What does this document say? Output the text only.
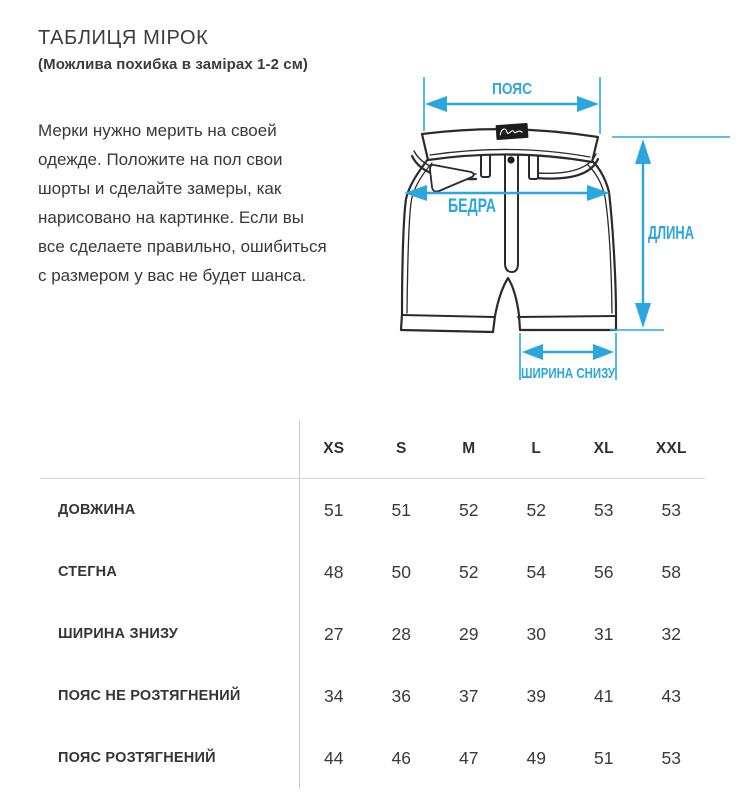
ТАБЛИЦЯ МІРОК
(Можлива похибка в замірах 1-2 см)
Мерки нужно мерить на своей
одежде. Положите на пол свои
шорты и сделайте замеры, как
нарисовано на картинке. Если вы
все сделаете правильно, ошибиться
с размером у вас не будет шанса.
ПОЯС
БЕДРА
ДЛИНА
ШИРИНА СНИЗУ
XS	S	M	L	XL	XXL
ДОВЖИНА	51	51	52	52	53	53
СТЕГНА	48	50	52	54	56	58
ШИРИНА ЗНИЗУ	27	28	29	30	31	32
ПОЯС НЕ РОЗТЯГНЕНИЙ	34	36	37	39	41	43
ПОЯС РОЗТЯГНЕНИЙ	44	46	47	49	51	53
